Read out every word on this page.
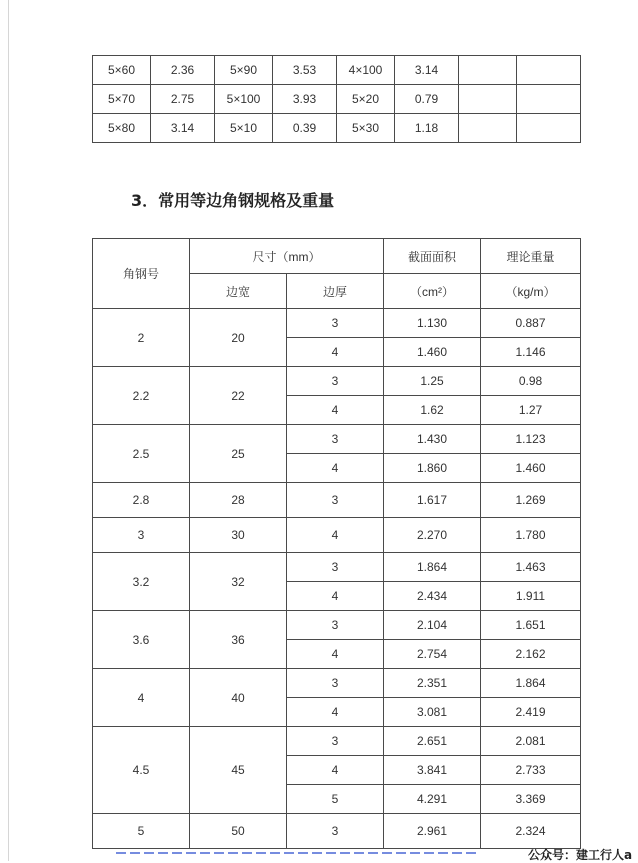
5×60	2.36	5×90	3.53	4×100	3.14		
5×70	2.75	5×100	3.93	5×20	0.79		
5×80	3.14	5×10	0.39	5×30	1.18		
3．常用等边角钢规格及重量
角钢号	尺寸（mm）		截面面积	理论重量
	边宽	边厚	（cm²）	（kg/m）
2	20	3	1.130	0.887
		4	1.460	1.146
2.2	22	3	1.25	0.98
		4	1.62	1.27
2.5	25	3	1.430	1.123
		4	1.860	1.460
2.8	28	3	1.617	1.269
3	30	4	2.270	1.780
3.2	32	3	1.864	1.463
		4	2.434	1.911
3.6	36	3	2.104	1.651
		4	2.754	2.162
4	40	3	2.351	1.864
		4	3.081	2.419
4.5	45	3	2.651	2.081
		4	3.841	2.733
		5	4.291	3.369
5	50	3	2.961	2.324
公众号：建工行人a
